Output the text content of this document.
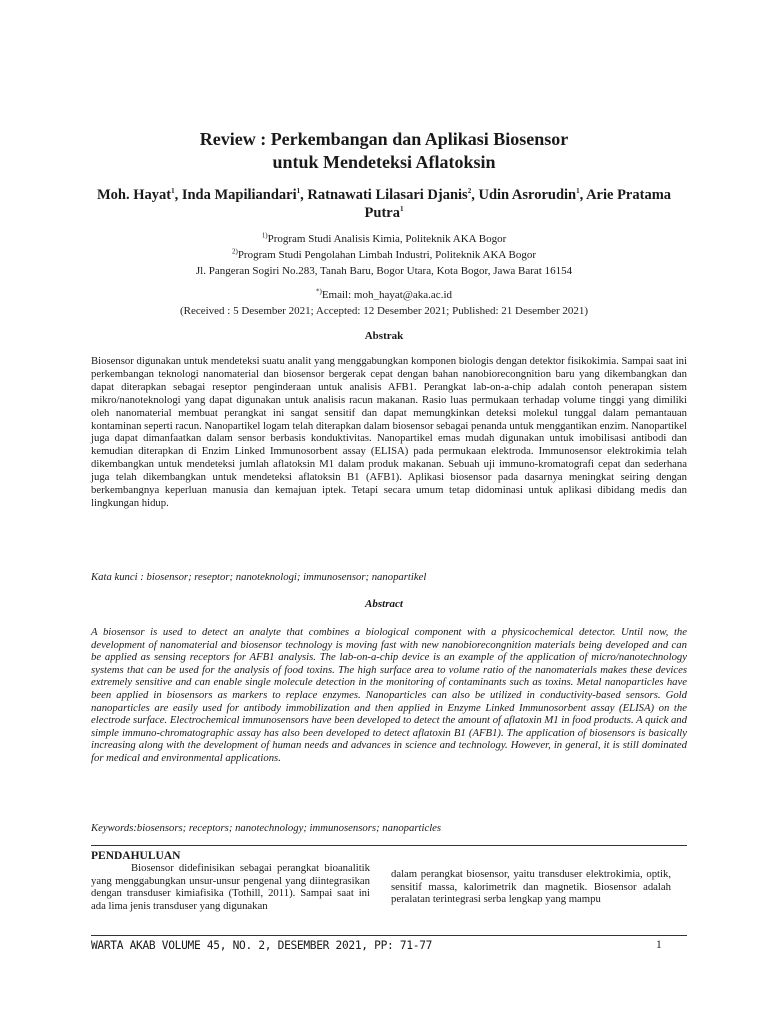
Review : Perkembangan dan Aplikasi Biosensor
untuk Mendeteksi Aflatoksin
Moh. Hayat$^1$, Inda Mapiliandari$^1$, Ratnawati Lilasari Djanis$^2$, Udin Asrorudin$^1$, Arie Pratama Putra$^1$
$^{1)}$Program Studi Analisis Kimia, Politeknik AKA Bogor
$^{2)}$Program Studi Pengolahan Limbah Industri, Politeknik AKA Bogor
Jl. Pangeran Sogiri No.283, Tanah Baru, Bogor Utara, Kota Bogor, Jawa Barat 16154
*)Email: moh_hayat@aka.ac.id
(Received : 5 Desember 2021; Accepted: 12 Desember 2021; Published: 21 Desember 2021)
Abstrak
Biosensor digunakan untuk mendeteksi suatu analit yang menggabungkan komponen biologis dengan detektor fisikokimia. Sampai saat ini perkembangan teknologi nanomaterial dan biosensor bergerak cepat dengan bahan nanobiorecongnition baru yang dikembangkan dan dapat diterapkan sebagai reseptor penginderaan untuk analisis AFB1. Perangkat lab-on-a-chip adalah contoh penerapan sistem mikro/nanoteknologi yang dapat digunakan untuk analisis racun makanan. Rasio luas permukaan terhadap volume tinggi yang dimiliki oleh nanomaterial membuat perangkat ini sangat sensitif dan dapat memungkinkan deteksi molekul tunggal dalam pemantauan kontaminan seperti racun. Nanopartikel logam telah diterapkan dalam biosensor sebagai penanda untuk menggantikan enzim. Nanopartikel juga dapat dimanfaatkan dalam sensor berbasis konduktivitas. Nanopartikel emas mudah digunakan untuk imobilisasi antibodi dan kemudian diterapkan di Enzim Linked Immunosorbent assay (ELISA) pada permukaan elektroda. Immunosensor elektrokimia telah dikembangkan untuk mendeteksi jumlah aflatoksin M1 dalam produk makanan. Sebuah uji immuno-kromatografi cepat dan sederhana juga telah dikembangkan untuk mendeteksi aflatoksin B1 (AFB1). Aplikasi biosensor pada dasarnya meningkat seiring dengan berkembangnya keperluan manusia dan kemajuan iptek. Tetapi secara umum tetap didominasi untuk aplikasi dibidang medis dan lingkungan hidup.
Kata kunci : biosensor; reseptor; nanoteknologi; immunosensor; nanopartikel
Abstract
A biosensor is used to detect an analyte that combines a biological component with a physicochemical detector. Until now, the development of nanomaterial and biosensor technology is moving fast with new nanobiorecongnition materials being developed and can be applied as sensing receptors for AFB1 analysis. The lab-on-a-chip device is an example of the application of micro/nanotechnology systems that can be used for the analysis of food toxins. The high surface area to volume ratio of the nanomaterials makes these devices extremely sensitive and can enable single molecule detection in the monitoring of contaminants such as toxins. Metal nanoparticles have been applied in biosensors as markers to replace enzymes. Nanoparticles can also be utilized in conductivity-based sensors. Gold nanoparticles are easily used for antibody immobilization and then applied in Enzyme Linked Immunosorbent assay (ELISA) on the electrode surface. Electrochemical immunosensors have been developed to detect the amount of aflatoxin M1 in food products. A quick and simple immuno-chromatographic assay has also been developed to detect aflatoxin B1 (AFB1). The application of biosensors is basically increasing along with the development of human needs and advances in science and technology. However, in general, it is still dominated for medical and environmental applications.
Keywords:biosensors; receptors; nanotechnology; immunosensors; nanoparticles
PENDAHULUAN

Biosensor didefinisikan sebagai perangkat bioanalitik yang menggabungkan unsur-unsur pengenal yang diintegrasikan dengan transduser kimiafisika (Tothill, 2011). Sampai saat ini ada lima jenis transduser yang digunakan

dalam perangkat biosensor, yaitu transduser elektrokimia, optik, sensitif massa, kalorimetrik dan magnetik. Biosensor adalah peralatan terintegrasi serba lengkap yang mampu

WARTA AKAB VOLUME 45, NO. 2, DESEMBER 2021, PP: 71-77	1
